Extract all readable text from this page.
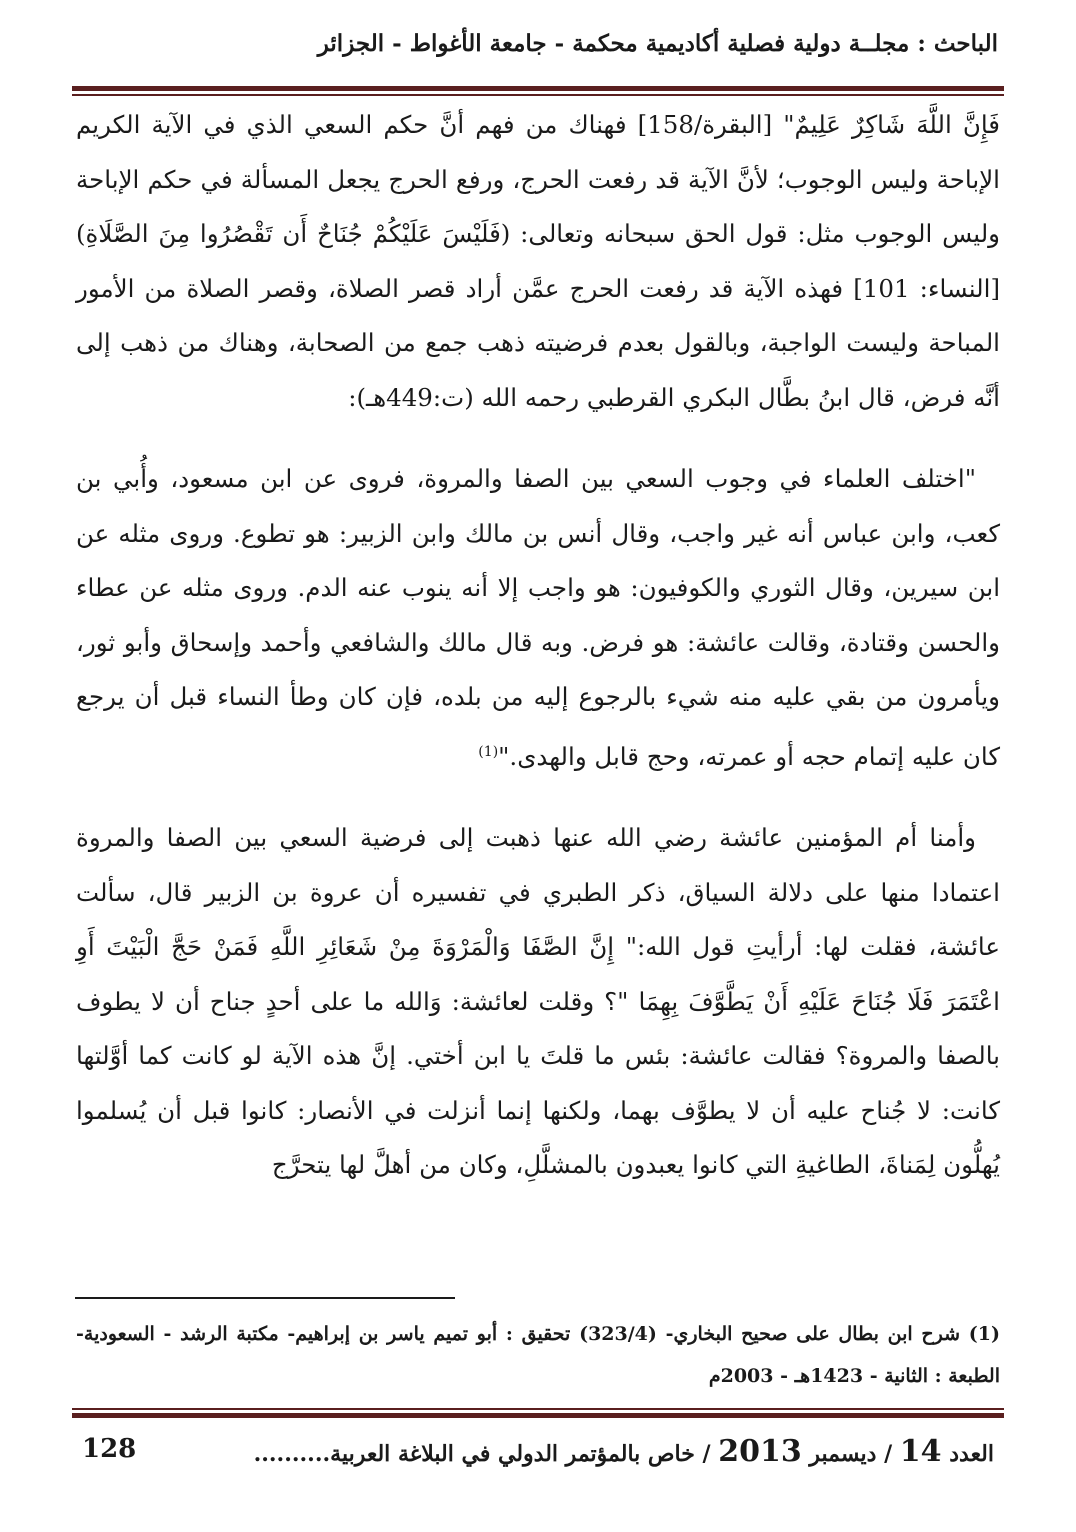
الباحث : مجلــة دولية فصلية أكاديمية محكمة - جامعة الأغواط - الجزائر

فَإِنَّ اللَّهَ شَاكِرٌ عَلِيمٌ" [البقرة/158] فهناك من فهم أنَّ حكم السعي الذي في الآية الكريم الإباحة وليس الوجوب؛ لأنَّ الآية قد رفعت الحرج، ورفع الحرج يجعل المسألة في حكم الإباحة وليس الوجوب مثل: قول الحق سبحانه وتعالى: (فَلَيْسَ عَلَيْكُمْ جُنَاحٌ أَن تَقْصُرُوا مِنَ الصَّلَاةِ) [النساء: 101] فهذه الآية قد رفعت الحرج عمَّن أراد قصر الصلاة، وقصر الصلاة من الأمور المباحة وليست الواجبة، وبالقول بعدم فرضيته ذهب جمع من الصحابة، وهناك من ذهب إلى أنَّه فرض، قال ابنُ بطَّال البكري القرطبي رحمه الله (ت:449هـ):

"اختلف العلماء في وجوب السعي بين الصفا والمروة، فروى عن ابن مسعود، وأُبي بن كعب، وابن عباس أنه غير واجب، وقال أنس بن مالك وابن الزبير: هو تطوع. وروى مثله عن ابن سيرين، وقال الثوري والكوفيون: هو واجب إلا أنه ينوب عنه الدم. وروى مثله عن عطاء والحسن وقتادة، وقالت عائشة: هو فرض. وبه قال مالك والشافعي وأحمد وإسحاق وأبو ثور، ويأمرون من بقي عليه منه شيء بالرجوع إليه من بلده، فإن كان وطأ النساء قبل أن يرجع كان عليه إتمام حجه أو عمرته، وحج قابل والهدى."$^{(1)}$

وأمنا أم المؤمنين عائشة رضي الله عنها ذهبت إلى فرضية السعي بين الصفا والمروة اعتمادا منها على دلالة السياق، ذكر الطبري في تفسيره أن عروة بن الزبير قال، سألت عائشة، فقلت لها: أرأيتِ قول الله:" إِنَّ الصَّفَا وَالْمَرْوَةَ مِنْ شَعَائِرِ اللَّهِ فَمَنْ حَجَّ الْبَيْتَ أَوِ اعْتَمَرَ فَلَا جُنَاحَ عَلَيْهِ أَنْ يَطَّوَّفَ بِهِمَا "؟ وقلت لعائشة: وَالله ما على أحدٍ جناح أن لا يطوف بالصفا والمروة؟ فقالت عائشة: بئس ما قلتَ يا ابن أختي. إنَّ هذه الآية لو كانت كما أوَّلتها كانت: لا جُناح عليه أن لا يطوَّف بهما، ولكنها إنما أنزلت في الأنصار: كانوا قبل أن يُسلموا يُهلُّون لِمَناةَ، الطاغيةِ التي كانوا يعبدون بالمشلَّلِ، وكان من أهلَّ لها يتحرَّج

(1) شرح ابن بطال على صحيح البخاري- (323/4) تحقيق : أبو تميم ياسر بن إبراهيم- مكتبة الرشد - السعودية- الطبعة : الثانية - 1423هـ - 2003م
العدد 14 / ديسمبر 2013 / خاص بالمؤتمر الدولي في البلاغة العربية..........
128
